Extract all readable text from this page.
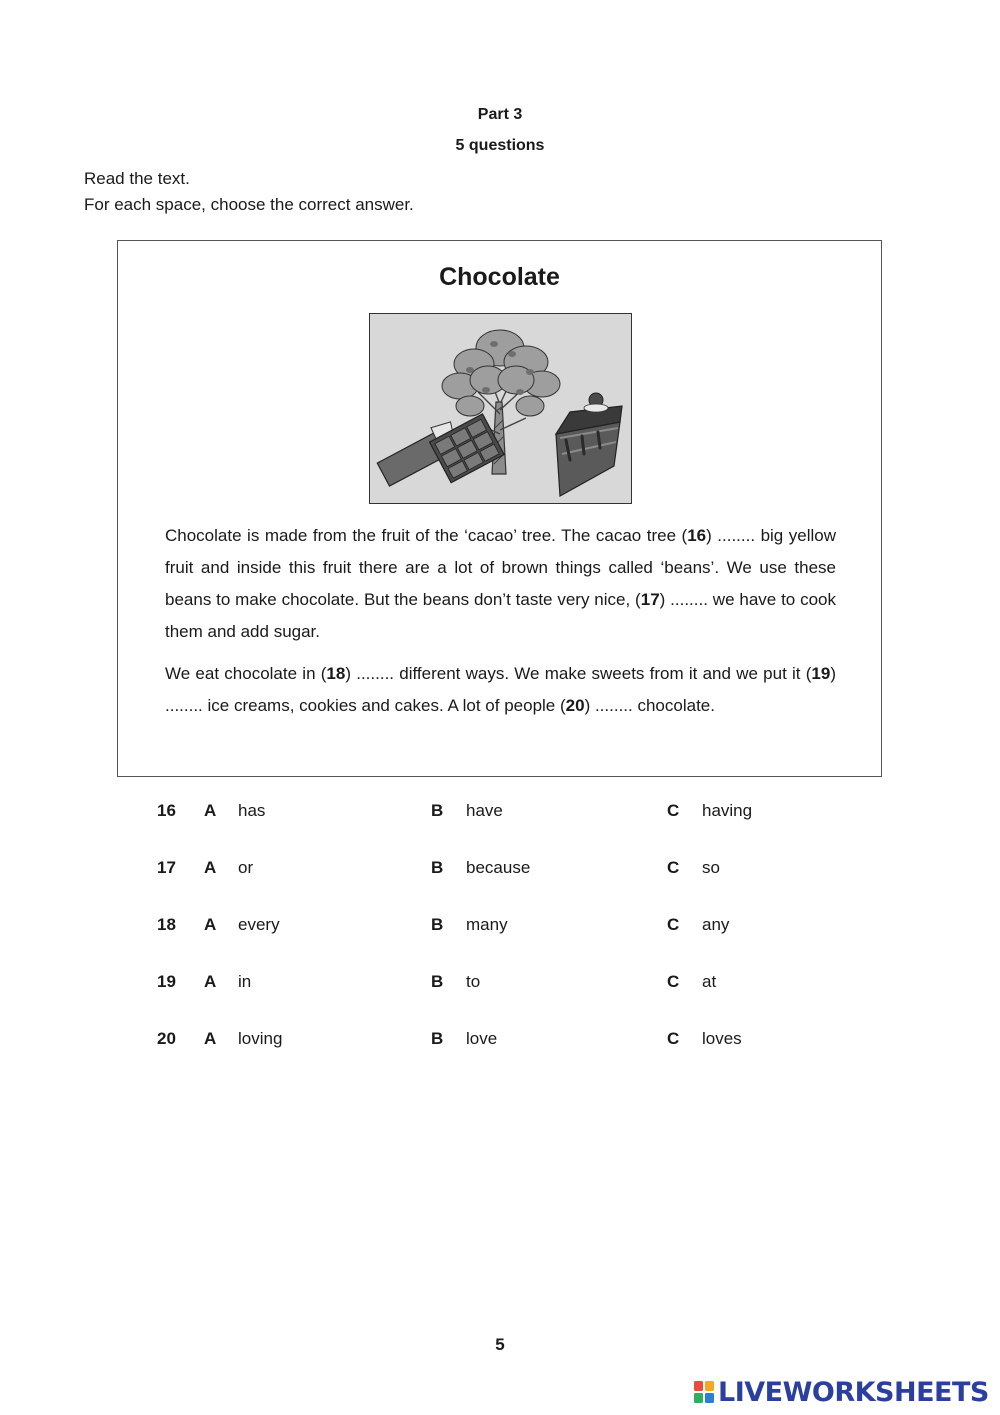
Part 3
5 questions
Read the text.
For each space, choose the correct answer.
Chocolate

Chocolate is made from the fruit of the ‘cacao’ tree. The cacao tree (16) ........ big yellow fruit and inside this fruit there are a lot of brown things called ‘beans’. We use these beans to make chocolate. But the beans don’t taste very nice, (17) ........ we have to cook them and add sugar.

We eat chocolate in (18) ........ different ways. We make sweets from it and we put it (19) ........ ice creams, cookies and cakes. A lot of people (20) ........ chocolate.

16 A has	B have	C having
17 A or	B because	C so
18 A every	B many	C any
19 A in	B to	C at
20 A loving	B love	C loves
5
LIVEWORKSHEETS
